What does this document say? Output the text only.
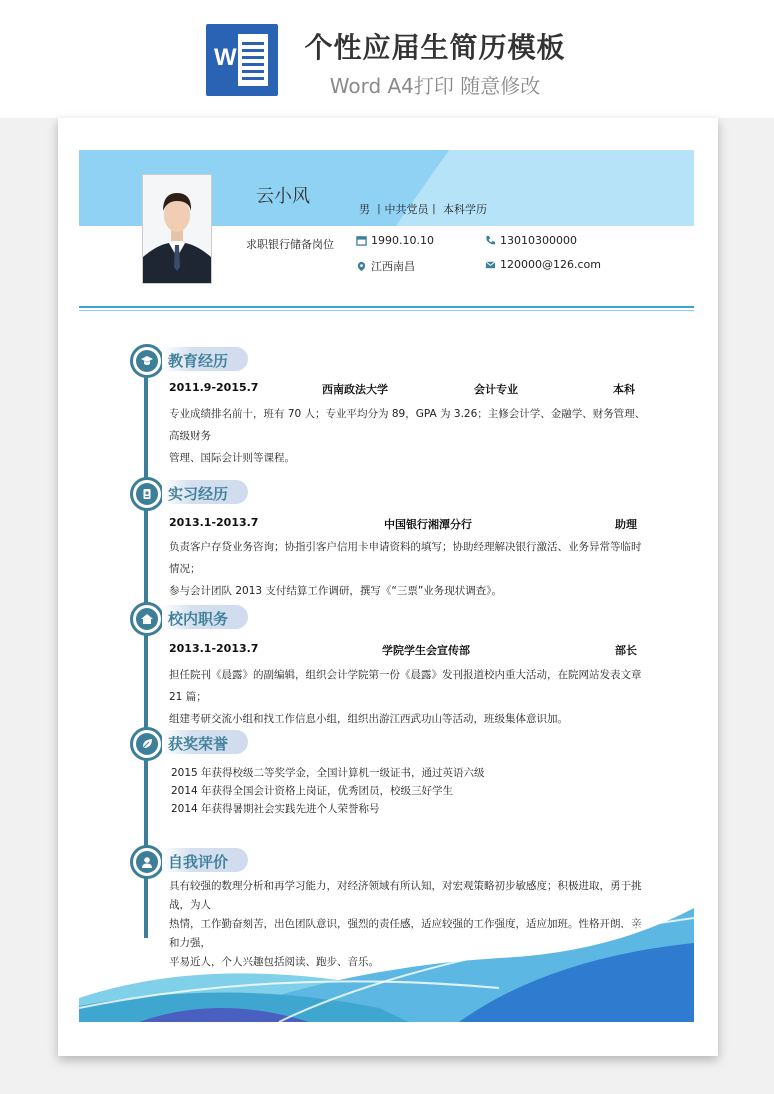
W	个性应届生简历模板
Word A4打印 随意修改
云小风
男 丨中共党员丨 本科学历
求职银行储备岗位	1990.10.10
江西南昌
13010300000
120000@126.com
教育经历
2011.9-2015.7	西南政法大学	会计专业	本科
专业成绩排名前十，班有 70 人；专业平均分为 89，GPA 为 3.26；主修会计学、金融学、财务管理、高级财务
管理、国际会计则等课程。
实习经历
2013.1-2013.7	中国银行湘潭分行	助理
负责客户存贷业务咨询；协指引客户信用卡申请资料的填写；协助经理解决银行激活、业务异常等临时情况；
参与会计团队 2013 支付结算工作调研，撰写《“三票”业务现状调查》。
校内职务
2013.1-2013.7	学院学生会宣传部	部长
担任院刊《晨露》的副编辑，组织会计学院第一份《晨露》发刊报道校内重大活动，在院网站发表文章 21 篇；
组建考研交流小组和找工作信息小组，组织出游江西武功山等活动，班级集体意识加。
获奖荣誉
2015 年获得校级二等奖学金，全国计算机一级证书，通过英语六级
2014 年获得全国会计资格上岗证，优秀团员，校级三好学生
2014 年获得暑期社会实践先进个人荣誉称号
自我评价
具有较强的数理分析和再学习能力，对经济领域有所认知，对宏观策略初步敏感度；积极进取，勇于挑战，为人
热情，工作勤奋刻苦，出色团队意识，强烈的责任感，适应较强的工作强度，适应加班。性格开朗，亲和力强，
平易近人，个人兴趣包括阅读、跑步、音乐。
